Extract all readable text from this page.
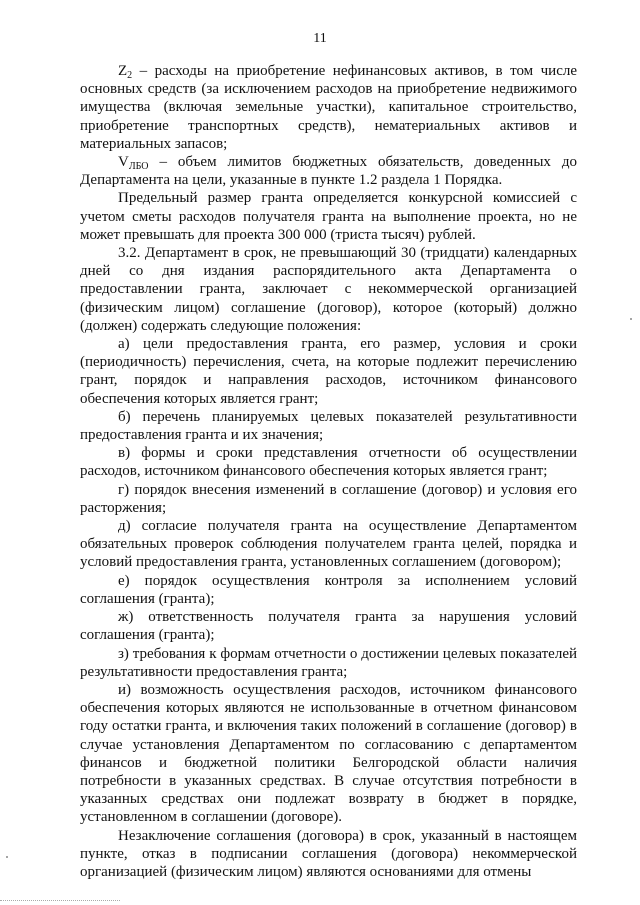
11

$Z_2$ – расходы на приобретение нефинансовых активов, в том числе основных средств (за исключением расходов на приобретение недвижимого имущества (включая земельные участки), капитальное строительство, приобретение транспортных средств), нематериальных активов и материальных запасов;

$V_{ЛБО}$ – объем лимитов бюджетных обязательств, доведенных до Департамента на цели, указанные в пункте 1.2 раздела 1 Порядка.

Предельный размер гранта определяется конкурсной комиссией с учетом сметы расходов получателя гранта на выполнение проекта, но не может превышать для проекта 300 000 (триста тысяч) рублей.

3.2. Департамент в срок, не превышающий 30 (тридцати) календарных дней со дня издания распорядительного акта Департамента о предоставлении гранта, заключает с некоммерческой организацией (физическим лицом) соглашение (договор), которое (который) должно (должен) содержать следующие положения:

а) цели предоставления гранта, его размер, условия и сроки (периодичность) перечисления, счета, на которые подлежит перечислению грант, порядок и направления расходов, источником финансового обеспечения которых является грант;

б) перечень планируемых целевых показателей результативности предоставления гранта и их значения;

в) формы и сроки представления отчетности об осуществлении расходов, источником финансового обеспечения которых является грант;

г) порядок внесения изменений в соглашение (договор) и условия его расторжения;

д) согласие получателя гранта на осуществление Департаментом обязательных проверок соблюдения получателем гранта целей, порядка и условий предоставления гранта, установленных соглашением (договором);

е) порядок осуществления контроля за исполнением условий соглашения (гранта);

ж) ответственность получателя гранта за нарушения условий соглашения (гранта);

з) требования к формам отчетности о достижении целевых показателей результативности предоставления гранта;

и) возможность осуществления расходов, источником финансового обеспечения которых являются не использованные в отчетном финансовом году остатки гранта, и включения таких положений в соглашение (договор) в случае установления Департаментом по согласованию с департаментом финансов и бюджетной политики Белгородской области наличия потребности в указанных средствах. В случае отсутствия потребности в указанных средствах они подлежат возврату в бюджет в порядке, установленном в соглашении (договоре).

Незаключение соглашения (договора) в срок, указанный в настоящем пункте, отказ в подписании соглашения (договора) некоммерческой организацией (физическим лицом) являются основаниями для отмены
